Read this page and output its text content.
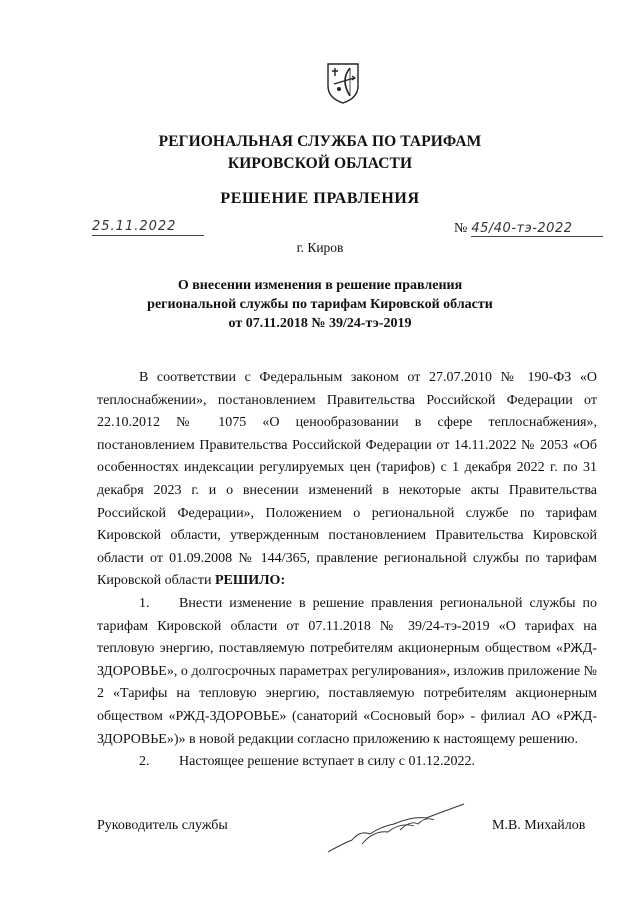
РЕГИОНАЛЬНАЯ СЛУЖБА ПО ТАРИФАМ
КИРОВСКОЙ ОБЛАСТИ
РЕШЕНИЕ ПРАВЛЕНИЯ
25.11.2022	№ 45/40-тэ-2022
г. Киров
О внесении изменения в решение правления
региональной службы по тарифам Кировской области
от 07.11.2018 № 39/24-тэ-2019

В соответствии с Федеральным законом от 27.07.2010 № 190-ФЗ «О теплоснабжении», постановлением Правительства Российской Федерации от 22.10.2012 № 1075 «О ценообразовании в сфере теплоснабжения», постановлением Правительства Российской Федерации от 14.11.2022 № 2053 «Об особенностях индексации регулируемых цен (тарифов) с 1 декабря 2022 г. по 31 декабря 2023 г. и о внесении изменений в некоторые акты Правительства Российской Федерации», Положением о региональной службе по тарифам Кировской области, утвержденным постановлением Правительства Кировской области от 01.09.2008 № 144/365, правление региональной службы по тарифам Кировской области РЕШИЛО:

1. Внести изменение в решение правления региональной службы по тарифам Кировской области от 07.11.2018 № 39/24-тэ-2019 «О тарифах на тепловую энергию, поставляемую потребителям акционерным обществом «РЖД-ЗДОРОВЬЕ», о долгосрочных параметрах регулирования», изложив приложение № 2 «Тарифы на тепловую энергию, поставляемую потребителям акционерным обществом «РЖД-ЗДОРОВЬЕ» (санаторий «Сосновый бор» - филиал АО «РЖД-ЗДОРОВЬЕ»)» в новой редакции согласно приложению к настоящему решению.

2. Настоящее решение вступает в силу с 01.12.2022.

Руководитель службы	М.В. Михайлов
